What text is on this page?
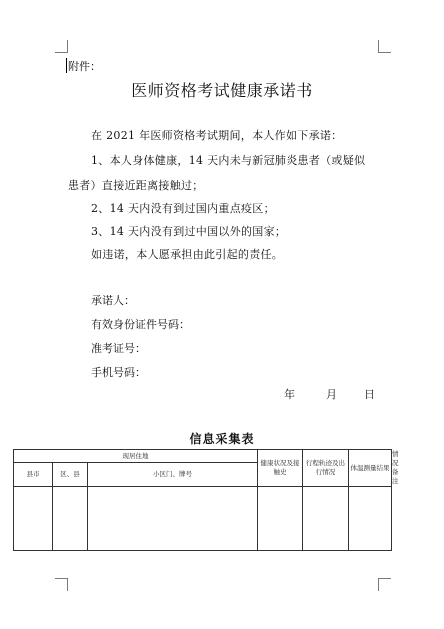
附件：
医师资格考试健康承诺书
在 2021 年医师资格考试期间，本人作如下承诺：
1、本人身体健康，14 天内未与新冠肺炎患者（或疑似
患者）直接近距离接触过；
2、14 天内没有到过国内重点疫区；
3、14 天内没有到过中国以外的国家；
如违诺，本人愿承担由此引起的责任。
承诺人：
有效身份证件号码：
准考证号：
手机号码：
年	月 日
信息采集表
现居住地			健康状况及接触史	行程轨迹及出行情况	体温测量结果	情况备注
县市	区、县	小区门、牌号				
